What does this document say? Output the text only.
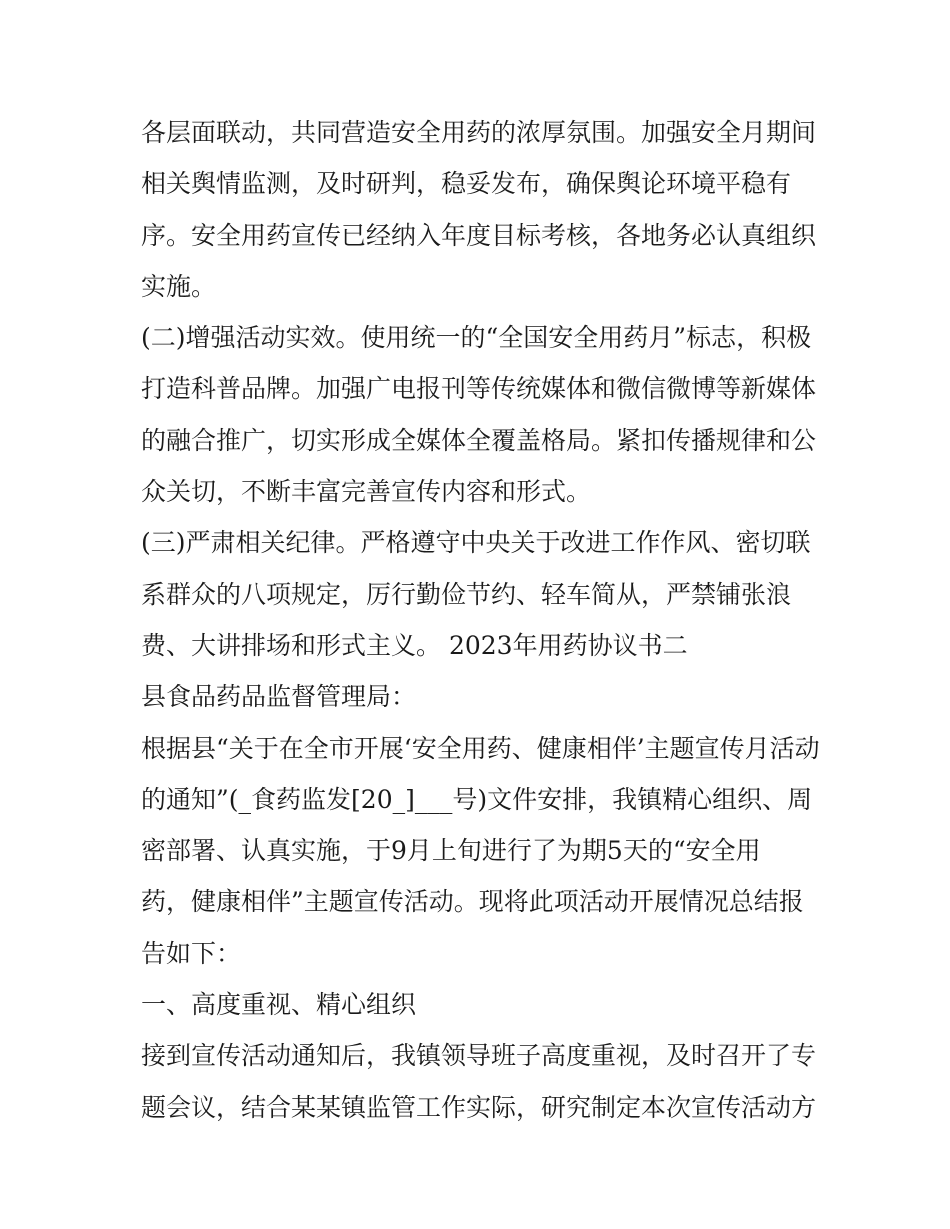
各层面联动，共同营造安全用药的浓厚氛围。加强安全月期间
相关舆情监测，及时研判，稳妥发布，确保舆论环境平稳有
序。安全用药宣传已经纳入年度目标考核，各地务必认真组织
实施。
(二)增强活动实效。使用统一的“全国安全用药月”标志，积极
打造科普品牌。加强广电报刊等传统媒体和微信微博等新媒体
的融合推广，切实形成全媒体全覆盖格局。紧扣传播规律和公
众关切，不断丰富完善宣传内容和形式。
(三)严肃相关纪律。严格遵守中央关于改进工作作风、密切联
系群众的八项规定，厉行勤俭节约、轻车简从，严禁铺张浪
费、大讲排场和形式主义。 2023年用药协议书二
县食品药品监督管理局：
根据县“关于在全市开展‘安全用药、健康相伴’主题宣传月活动
的通知”(_食药监发[20_]___号)文件安排，我镇精心组织、周
密部署、认真实施，于9月上旬进行了为期5天的“安全用
药，健康相伴”主题宣传活动。现将此项活动开展情况总结报
告如下：
一、高度重视、精心组织
接到宣传活动通知后，我镇领导班子高度重视，及时召开了专
题会议，结合某某镇监管工作实际，研究制定本次宣传活动方
